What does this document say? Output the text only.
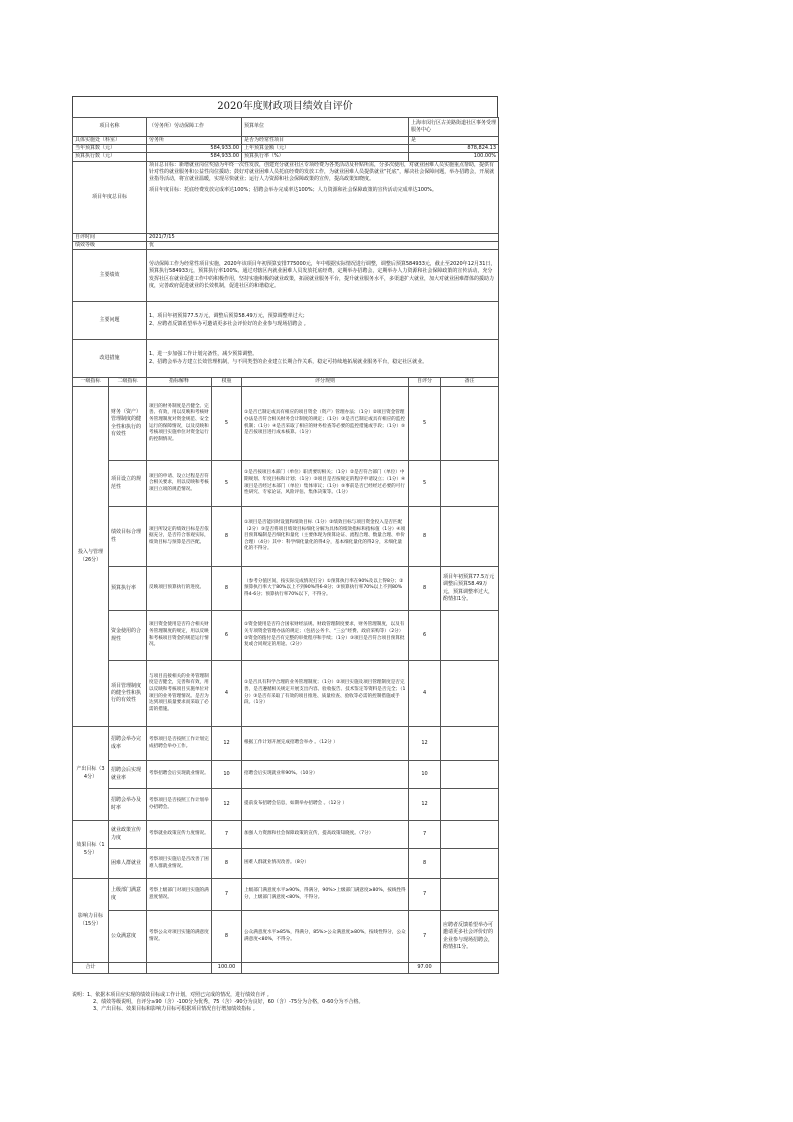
2020年度财政项目绩效自评价
项目名称		（劳务所）劳动保障工作		预算单位	上海市闵行区古美路街道社区事务受理服务中心	
具体实施处（科室）		劳务所		是否为经常性项目	是	
当年预算数（元）		584,933.00		上年预算金额（元）	878,824.13	
预算执行数（元）		584,933.00		预算执行率（%）	100.00%	
项目年度总目标		项目总目标：新增就业岗位奖励为年终一次性发放，创建充分就业社区专项经费为各类活动及补贴所需，分多次使用，对就业困难人员实施重点帮助，提供有针对性的就业服务和公益性岗位援助；鼓好对就业困难人员托底经费的发放工作，为就业困难人员提供就业“托底”，解决社会保障问题，举办招聘会，开展就业指导活动，将宣就业温暖，实现尽快就业；运行人力资源和社会保障政策的宣传，提高政策知晓度。
项目年度目标：托底经费发放完成率达100%；招聘会举办完成率达100%；人力资源和社会保障政策的宣传活动完成率达100%。				

自评时间		2021/7/15				
绩效等级		优				
主要绩效		劳动保障工作为经常性项目实施，2020年该项目年初预算安排775000元，年中根据实际情况进行调整，调整后预算584933元，截止至2020年12月31日，预算执行584933元，预算执行率100%。通过对辖区内就业困难人员发放托底经费，定期举办招聘会，定期举办人力资源和社会保障政策的宣传活动，充分发挥社区在就业促进工作中的积极作用，坚持实施积极的就业政策，拓展就业服务平台，提升就业服务水平，多渠道扩大就业，加大对就业困难群体的援助力度，完善政府促进就业的长效机制，促进社区的和谐稳定。				
主要问题		1、项目年初预算77.5万元，调整后预算58.49万元，预算调整率过大；
2、应聘者反馈希望举办可邀请更多社会评价好的企业参与现场招聘会 。				
改进措施		1、进一步加强工作计划完备性，减少预算调整。
2、招聘会举办方建立长效管理机制，与不同类型的企业建立长期合作关系，稳定可持续地拓展就业服务平台，稳定社区就业。				
一级指标	二级指标	指标解释	权重	评分规则	自评分	备注
投入与管理（26分）	财务（资产）管理制度的健全性和执行的有效性	项目的财务制度是否健全、完善、有效，用以反映和考核财务管理制度对资金规范、安全运行的保障情况，以及反映和考核项目实施单位对资金运行的控制情况。	5	①是否已制定或具有相应的项目资金（资产）管理办法；（1分）②项目资金管理办法是否符合相关财务会计制度的规定；（1分）③是否已制定或具有相应的监控机制；（1分）④是否采取了相应的财务检查等必要的监控措施或手段；（1分）⑤是否按项目进行成本核算。（1分）	5	
	项目设立的规范性	项目的申请、设立过程是否符合相关要求，用以反映和考核项目立项的规范情况。	5	①是否按项目本部门（单位）职责要切相关；（1分）②是否符合部门（单位）中期规划、年度目标和计划；（1分）③项目是否按规定的程序申请设立；（1分）④项目是否经过本部门（单位）集体审议；（1分）⑤事前是否已经经过必要的可行性研究、专家论证、风险评估、集体决策等。（1分）	5	
	绩效目标合理性	项目所设定的绩效目标是否依据充分，是否符合客观实际，绩效目标与预算是否匹配。	8	①项目是否能同时设置和绩效目标（1分）②绩效目标与项目资金投入是否匹配（2分）③是否将项目绩效目标细化分解为具体的绩效指标和指标值（1分）④项目预算编制是否细化和量化（主要体现为预算论证、流程合理、数量合理、单价合理）（4分）其中：科学细化量化的得4分，基本细化量化的得2分，未细化量化的不得分。	8	
	预算执行率	反映项目预算执行的进度。	8	（参考分值区间，按实际完成情况打分）①预算执行率在90%及以上得8分；②预算执行率大于80%以上不到90%得6-8分；③预算执行率70%以上不到80%得4-6分；预算执行率70%以下，不得分。	8	项目年初预算77.5万元调整后预算58.49万元，预算调整率过大，酌情扣1分。
	资金使用的合规性	项目资金使用是否符合相关财务管理制度的规定，用以反映和考核项目资金的规范运行情况。	6	①资金使用是否符合国家财经法规、财政管理制度要求，财务管理制度，以及有关专项资金管理办法的规定；（包括公务卡、“三公”经费、政府采购等）（2分）②资金的拨付是否有完整的审批程序和手续；（1分）③项目是否符合项目预算批复或合同规定的用途。（2分）	6	
	项目管理制度的健全性和执行的有效性	与项目直接相关的业务管理制度是否健全，完善和有效，用以反映和考核项目实施单位对项目的业务管理情况。是否为达到项目质量要求而采取了必需的措施。	4	①是否具有科学合理的业务管理制度；（1分）②项目实施及项目管理制度是否完善，是否遵循相关规定开展支出内容、验收报告、技术鉴定等资料是否完全；（1分）③是否有采取了有效的项目推进、质量检查、验收等必需的控制措施或手段。（1分）	4	
产出目标（34分）	招聘会举办完成率	考察项目是否按照工作计划完成招聘会举办工作。	12	根据工作计划开展完成招聘会举办 。（12分 ）	12	
	招聘会后实现就业率	考察招聘会后实现就业情况。	10	招聘会后实现就业率90%。（10分）	10	
	招聘会举办及时率	考察项目是否按照工作计划举办招聘会。	12	提前发布招聘会信息，如期举办招聘会 。（12分 ）	12	
效果目标（15分）	就业政策宣传力度	考察就业政策宣传力度情况。	7	加强人力资源和社会保障政策的宣传，提高政策知晓度。（7分）	7	
	困难人群就业	考察项目实施后是否改善了困难人群就业情况。	8	困难人群就业情况改善。（8分）	8	
影响力目标（15分）	上级部门满意度	考察上级部门对项目实施的满意度情况。	7	上级部门满意度水平≥90%，得满分，90%>上级部门满意度≥80%，按线性得分，上级部门满意度<80%，不得分。	7	
	公众满意度	考察公众对项目实施的满意度情况。	8	公众满意度水平≥85%，得满分，85%>公众满意度≥80%，按线性得分，公众满意度<80%，不得分。	7	应聘者反馈希望举办可邀请更多社会评价好的企业参与现场招聘会，酌情扣1分。
合计			100.00		97.00	
说明：1、依据本项目应实现的绩效目标或工作计划，对照已完成的情况，进行绩效自评 。
2、绩效等级说明，自评分≥90（含）-100分为优秀，75（含）-90分为良好，60（含）-75分为合格，0-60分为不合格。
3、产出目标、效果目标和影响力目标可根据项目情况自行增加绩效指标 。
